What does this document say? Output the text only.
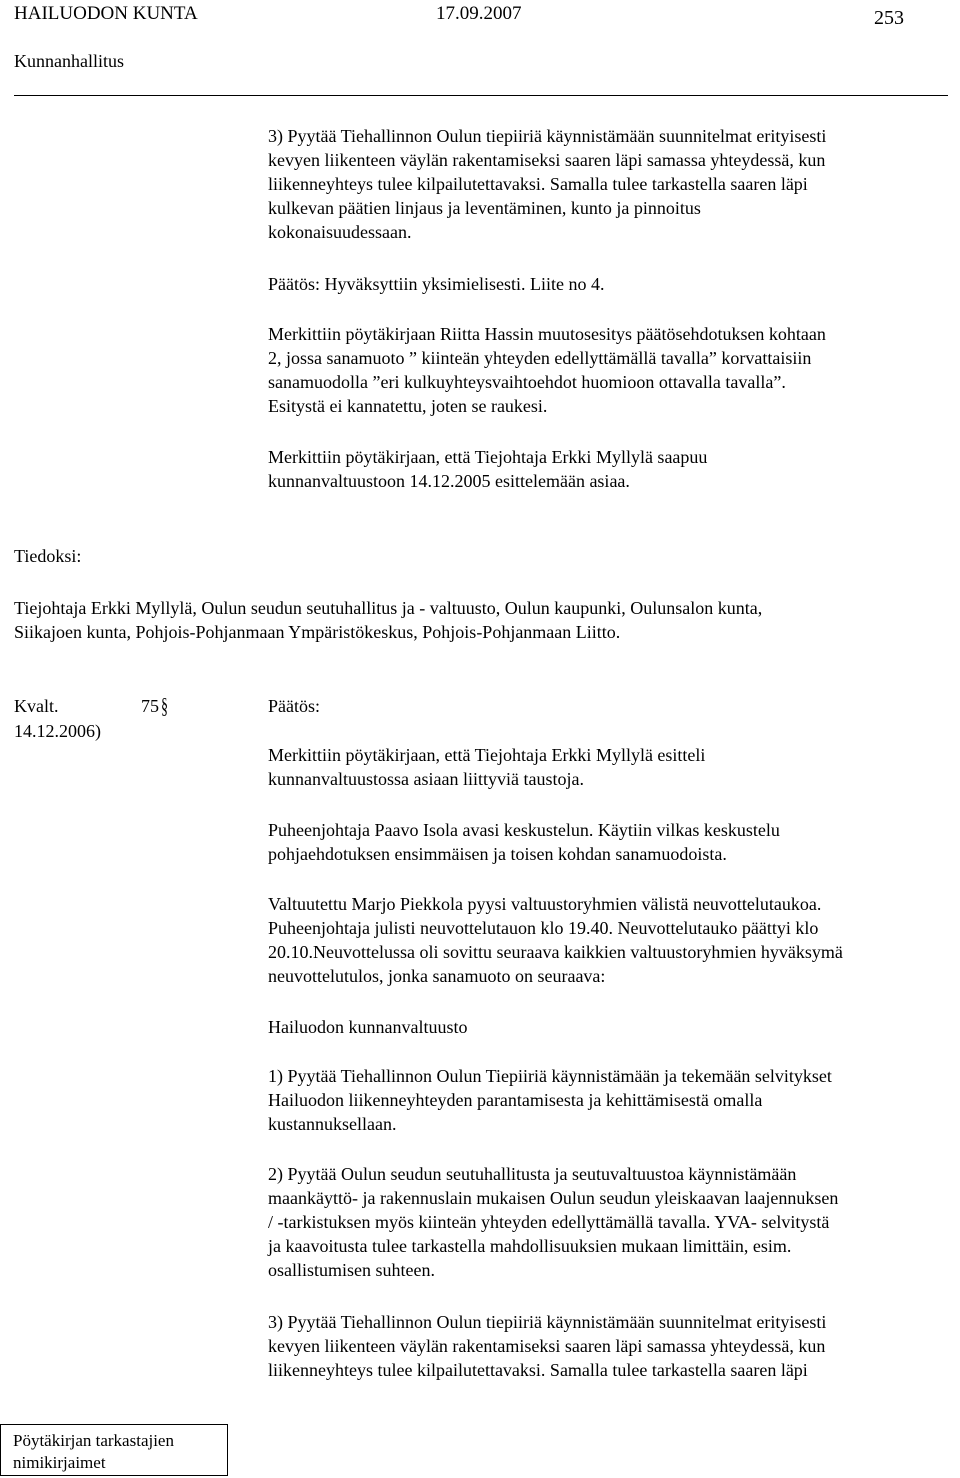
HAILUODON KUNTA	17.09.2007	253
Kunnanhallitus

3) Pyytää Tiehallinnon Oulun tiepiiriä käynnistämään suunnitelmat erityisesti
kevyen liikenteen väylän rakentamiseksi saaren läpi samassa yhteydessä, kun
liikenneyhteys tulee kilpailutettavaksi. Samalla tulee tarkastella saaren läpi
kulkevan päätien linjaus ja leventäminen, kunto ja pinnoitus
kokonaisuudessaan.

Päätös: Hyväksyttiin yksimielisesti. Liite no 4.

Merkittiin pöytäkirjaan Riitta Hassin muutosesitys päätösehdotuksen kohtaan
2, jossa sanamuoto ” kiinteän yhteyden edellyttämällä tavalla” korvattaisiin
sanamuodolla ”eri kulkuyhteysvaihtoehdot huomioon ottavalla tavalla”.
Esitystä ei kannatettu, joten se raukesi.

Merkittiin pöytäkirjaan, että Tiejohtaja Erkki Myllylä saapuu
kunnanvaltuustoon 14.12.2005 esittelemään asiaa.

Tiedoksi:

Tiejohtaja Erkki Myllylä, Oulun seudun seutuhallitus ja - valtuusto, Oulun kaupunki, Oulunsalon kunta,
Siikajoen kunta, Pohjois-Pohjanmaan Ympäristökeskus, Pohjois-Pohjanmaan Liitto.

Kvalt.	75 §	Päätös:
14.12.2006)

Merkittiin pöytäkirjaan, että Tiejohtaja Erkki Myllylä esitteli
kunnanvaltuustossa asiaan liittyviä taustoja.

Puheenjohtaja Paavo Isola avasi keskustelun. Käytiin vilkas keskustelu
pohjaehdotuksen ensimmäisen ja toisen kohdan sanamuodoista.

Valtuutettu Marjo Piekkola pyysi valtuustoryhmien välistä neuvottelutaukoa.
Puheenjohtaja julisti neuvottelutauon klo 19.40. Neuvottelutauko päättyi klo
20.10.Neuvottelussa oli sovittu seuraava kaikkien valtuustoryhmien hyväksymä
neuvottelutulos, jonka sanamuoto on seuraava:

Hailuodon kunnanvaltuusto

1) Pyytää Tiehallinnon Oulun Tiepiiriä käynnistämään ja tekemään selvitykset
Hailuodon liikenneyhteyden parantamisesta ja kehittämisestä omalla
kustannuksellaan.

2) Pyytää Oulun seudun seutuhallitusta ja seutuvaltuustoa käynnistämään
maankäyttö- ja rakennuslain mukaisen Oulun seudun yleiskaavan laajennuksen
/ -tarkistuksen myös kiinteän yhteyden edellyttämällä tavalla. YVA- selvitystä
ja kaavoitusta tulee tarkastella mahdollisuuksien mukaan limittäin, esim.
osallistumisen suhteen.

3) Pyytää Tiehallinnon Oulun tiepiiriä käynnistämään suunnitelmat erityisesti
kevyen liikenteen väylän rakentamiseksi saaren läpi samassa yhteydessä, kun
liikenneyhteys tulee kilpailutettavaksi. Samalla tulee tarkastella saaren läpi

Pöytäkirjan tarkastajien
nimikirjaimet
